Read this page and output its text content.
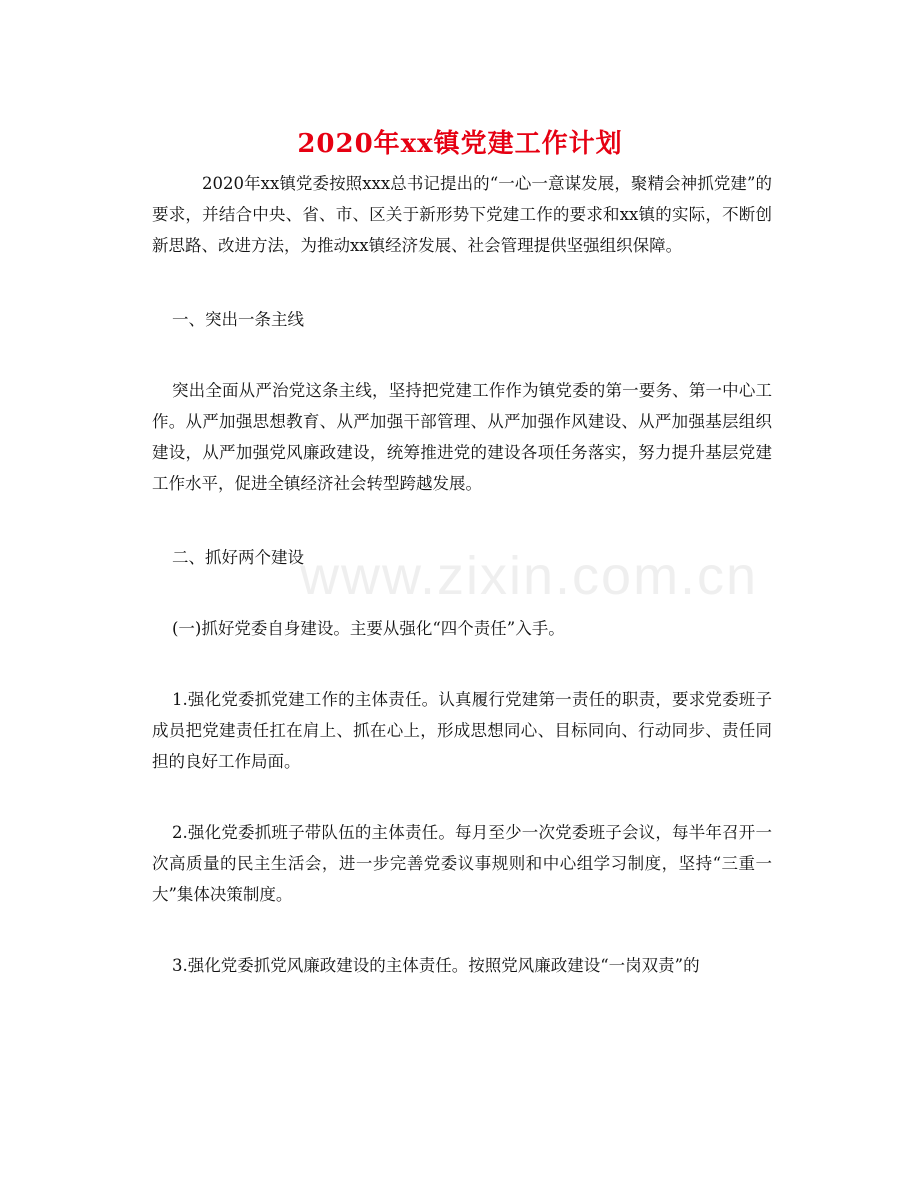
2020年xx镇党建工作计划

2020年xx镇党委按照xxx总书记提出的“一心一意谋发展，聚精会神抓党建”的要求，并结合中央、省、市、区关于新形势下党建工作的要求和xx镇的实际，不断创新思路、改进方法，为推动xx镇经济发展、社会管理提供坚强组织保障。

一、突出一条主线

突出全面从严治党这条主线，坚持把党建工作作为镇党委的第一要务、第一中心工作。从严加强思想教育、从严加强干部管理、从严加强作风建设、从严加强基层组织建设，从严加强党风廉政建设，统筹推进党的建设各项任务落实，努力提升基层党建工作水平，促进全镇经济社会转型跨越发展。

二、抓好两个建设

(一)抓好党委自身建设。主要从强化“四个责任”入手。

1.强化党委抓党建工作的主体责任。认真履行党建第一责任的职责，要求党委班子成员把党建责任扛在肩上、抓在心上，形成思想同心、目标同向、行动同步、责任同担的良好工作局面。

2.强化党委抓班子带队伍的主体责任。每月至少一次党委班子会议，每半年召开一次高质量的民主生活会，进一步完善党委议事规则和中心组学习制度，坚持“三重一大”集体决策制度。

3.强化党委抓党风廉政建设的主体责任。按照党风廉政建设“一岗双责”的

www.zixin.com.cn
